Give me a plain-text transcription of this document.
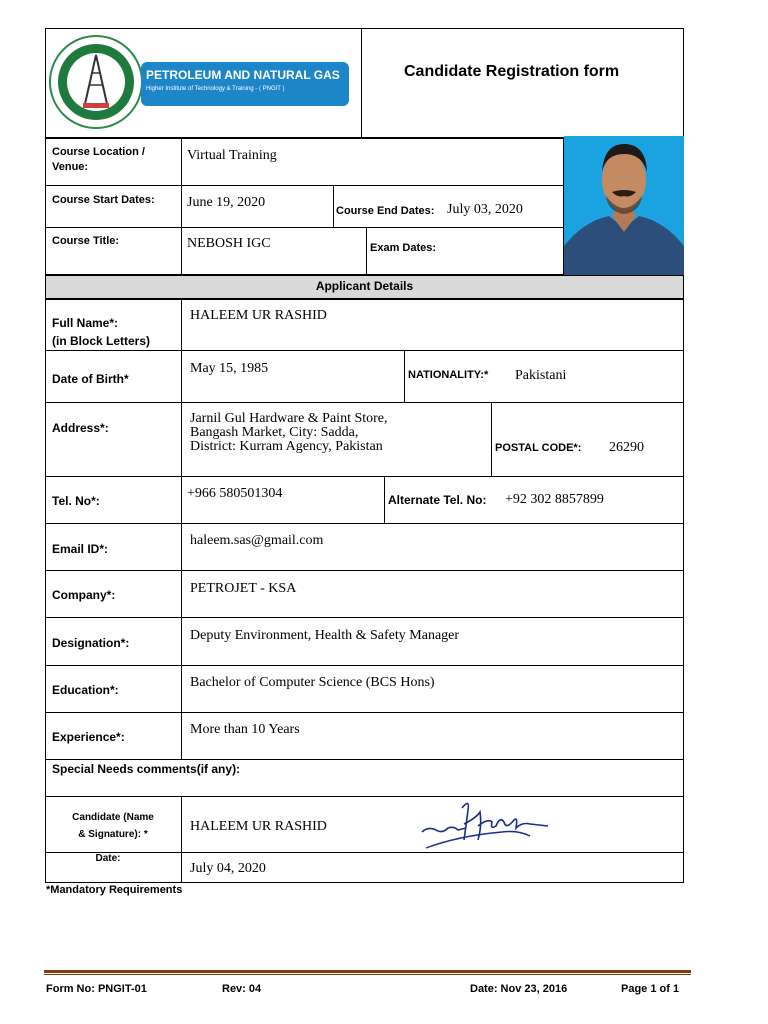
PETROLEUM AND NATURAL GAS
Higher Institute of Technology & Training - ( PNGIT )
Candidate Registration form
Course Location / Venue:
Virtual Training
Course Start Dates: June 19, 2020
Course End Dates: July 03, 2020
Course Title:	NEBOSH IGC	Exam Dates:
Applicant Details
Full Name*:
(in Block Letters)
HALEEM UR RASHID
Date of Birth*
May 15, 1985	NATIONALITY:* Pakistani
Address*:
Jarnil Gul Hardware & Paint Store,
Bangash Market, City: Sadda,
District: Kurram Agency, Pakistan	POSTAL CODE*: 26290
Tel. No*:	+966 580501304	Alternate Tel. No: +92 302 8857899
Email ID*:
haleem.sas@gmail.com
Company*:	PETROJET - KSA
Designation*:	Deputy Environment, Health & Safety Manager
Education*:	Bachelor of Computer Science (BCS Hons)
Experience*:	More than 10 Years
Special Needs comments(if any):
Candidate (Name
& Signature): *
HALEEM UR RASHID
Date:
July 04, 2020
*Mandatory Requirements
Form No: PNGIT-01	Rev: 04	Date: Nov 23, 2016	Page 1 of 1
